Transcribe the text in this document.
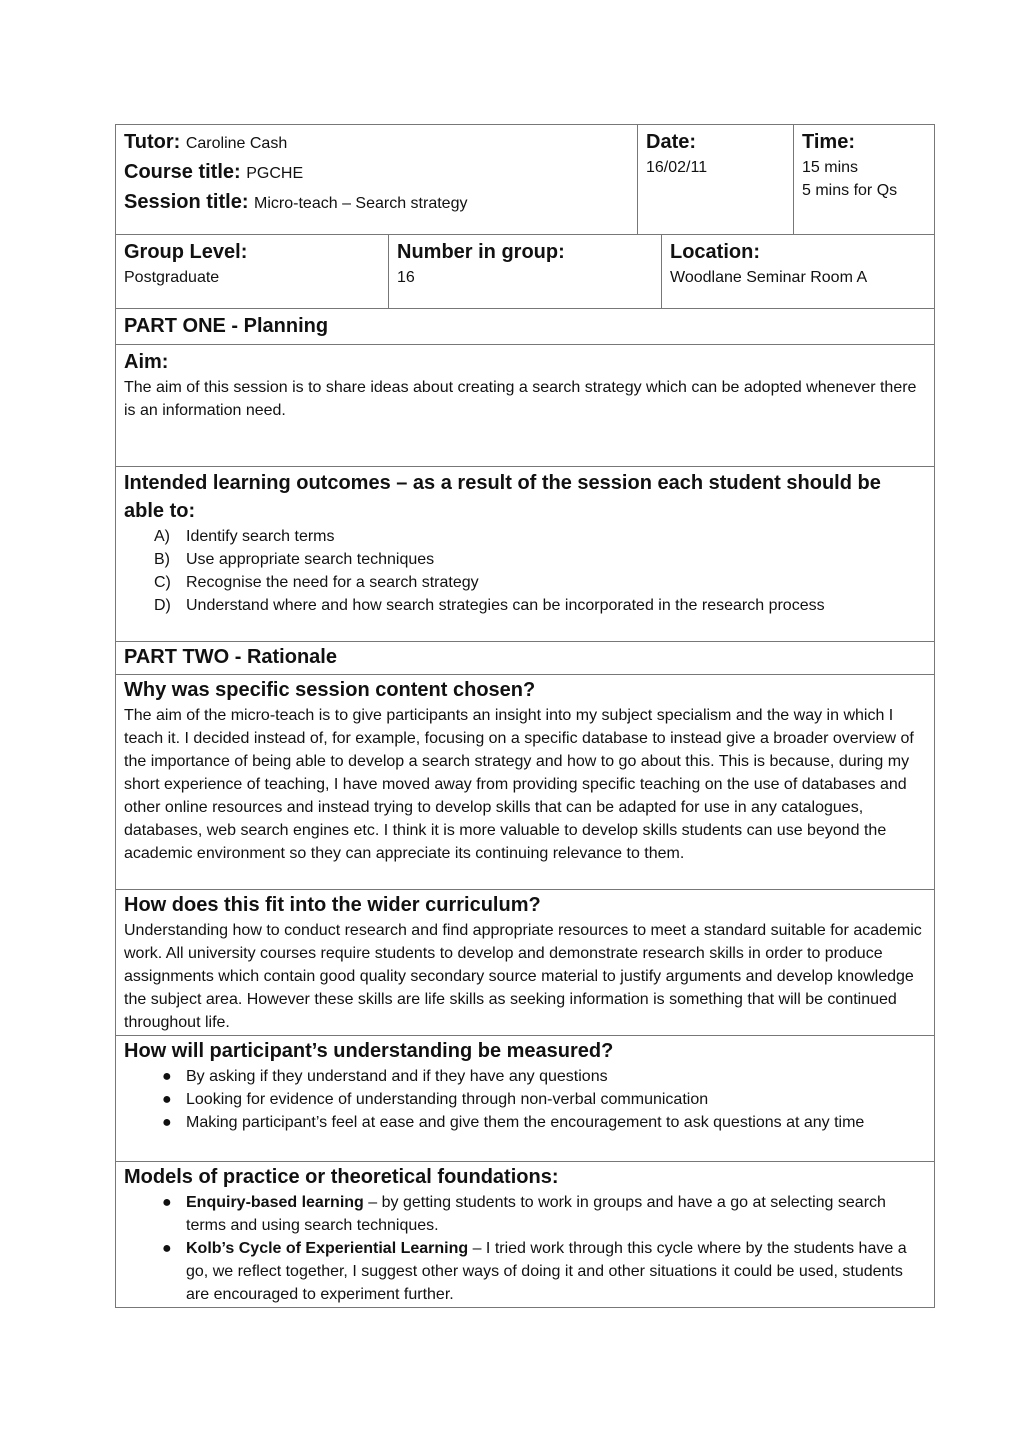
Tutor: Caroline Cash
Course title: PGCHE
Session title: Micro-teach – Search strategy
Date:
16/02/11
Time:
15 mins
5 mins for Qs
Group Level:
Postgraduate
Number in group:
16
Location:
Woodlane Seminar Room A
PART ONE - Planning
Aim:
The aim of this session is to share ideas about creating a search strategy which can be adopted whenever there is an information need.
Intended learning outcomes – as a result of the session each student should be able to:
A) Identify search terms
B) Use appropriate search techniques
C) Recognise the need for a search strategy
D) Understand where and how search strategies can be incorporated in the research process
PART TWO - Rationale
Why was specific session content chosen?
The aim of the micro-teach is to give participants an insight into my subject specialism and the way in which I teach it. I decided instead of, for example, focusing on a specific database to instead give a broader overview of the importance of being able to develop a search strategy and how to go about this. This is because, during my short experience of teaching, I have moved away from providing specific teaching on the use of databases and other online resources and instead trying to develop skills that can be adapted for use in any catalogues, databases, web search engines etc. I think it is more valuable to develop skills students can use beyond the academic environment so they can appreciate its continuing relevance to them.
How does this fit into the wider curriculum?
Understanding how to conduct research and find appropriate resources to meet a standard suitable for academic work. All university courses require students to develop and demonstrate research skills in order to produce assignments which contain good quality secondary source material to justify arguments and develop knowledge the subject area. However these skills are life skills as seeking information is something that will be continued throughout life.
How will participant’s understanding be measured?
● By asking if they understand and if they have any questions
● Looking for evidence of understanding through non-verbal communication
● Making participant’s feel at ease and give them the encouragement to ask questions at any time
Models of practice or theoretical foundations:
● Enquiry-based learning – by getting students to work in groups and have a go at selecting search terms and using search techniques.
● Kolb’s Cycle of Experiential Learning – I tried work through this cycle where by the students have a go, we reflect together, I suggest other ways of doing it and other situations it could be used, students are encouraged to experiment further.
